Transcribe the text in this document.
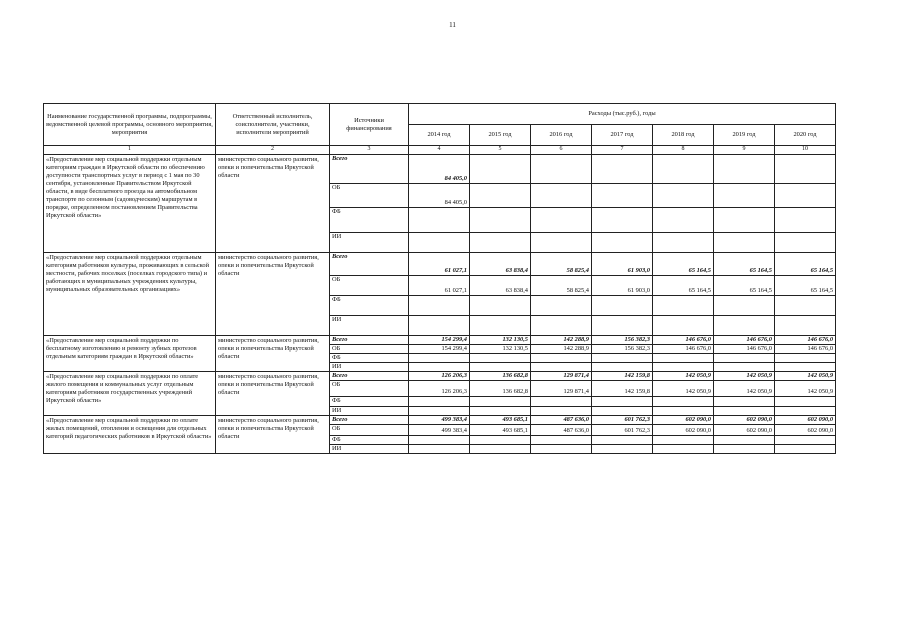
11
Наименование государственной программы, подпрограммы, ведомственной целевой программы, основного мероприятия, мероприятия	Ответственный исполнитель, соисполнители, участники, исполнители мероприятий	Источники финансирования	Расходы (тыс.руб.), годы						
			2014 год	2015 год	2016 год	2017 год	2018 год	2019 год	2020 год
1	2	3	4	5	6	7	8	9	10
«Предоставление мер социальной поддержки отдельным категориям граждан в Иркутской области по обеспечению доступности транспортных услуг в период с 1 мая по 30 сентября, установленные Правительством Иркутской области, в виде бесплатного проезда на автомобильном транспорте по сезонным (садоводческим) маршрутам в порядке, определенном постановлением Правительства Иркутской области»	министерство социального развития, опеки и попечительства Иркутской области	Всего	84 405,0						
		ОБ	84 405,0						
		ФБ							
		ИИ							
«Предоставление мер социальной поддержки отдельным категориям работников культуры, проживающих в сельской местности, рабочих поселках (поселках городского типа) и работающих в муниципальных учреждениях культуры, муниципальных образовательных организациях»	министерство социального развития, опеки и попечительства Иркутской области	Всего	61 027,1	63 838,4	58 825,4	61 903,0	65 164,5	65 164,5	65 164,5
		ОБ	61 027,1	63 838,4	58 825,4	61 903,0	65 164,5	65 164,5	65 164,5
		ФБ							
		ИИ							
«Предоставление мер социальной поддержки по бесплатному изготовлению и ремонту зубных протезов отдельным категориям граждан в Иркутской области»	министерство социального развития, опеки и попечительства Иркутской области	Всего	154 299,4	132 130,5	142 288,9	156 382,3	146 676,0	146 676,0	146 676,0
		ОБ	154 299,4	132 130,5	142 288,9	156 382,3	146 676,0	146 676,0	146 676,0
		ФБ							
		ИИ							
«Предоставление мер социальной поддержки по оплате жилого помещения и коммунальных услуг отдельным категориям работников государственных учреждений Иркутской области»	министерство социального развития, опеки и попечительства Иркутской области	Всего	126 206,3	136 682,8	129 871,4	142 159,8	142 050,9	142 050,9	142 050,9
		ОБ	126 206,3	136 682,8	129 871,4	142 159,8	142 050,9	142 050,9	142 050,9
		ФБ							
		ИИ							
«Предоставление мер социальной поддержки по оплате жилых помещений, отопления и освещения для отдельных категорий педагогических работников в Иркутской области»	министерство социального развития, опеки и попечительства Иркутской области	Всего	499 383,4	493 685,1	487 636,0	601 762,3	602 090,0	602 090,0	602 090,0
		ОБ	499 383,4	493 685,1	487 636,0	601 762,3	602 090,0	602 090,0	602 090,0
		ФБ							
		ИИ							
